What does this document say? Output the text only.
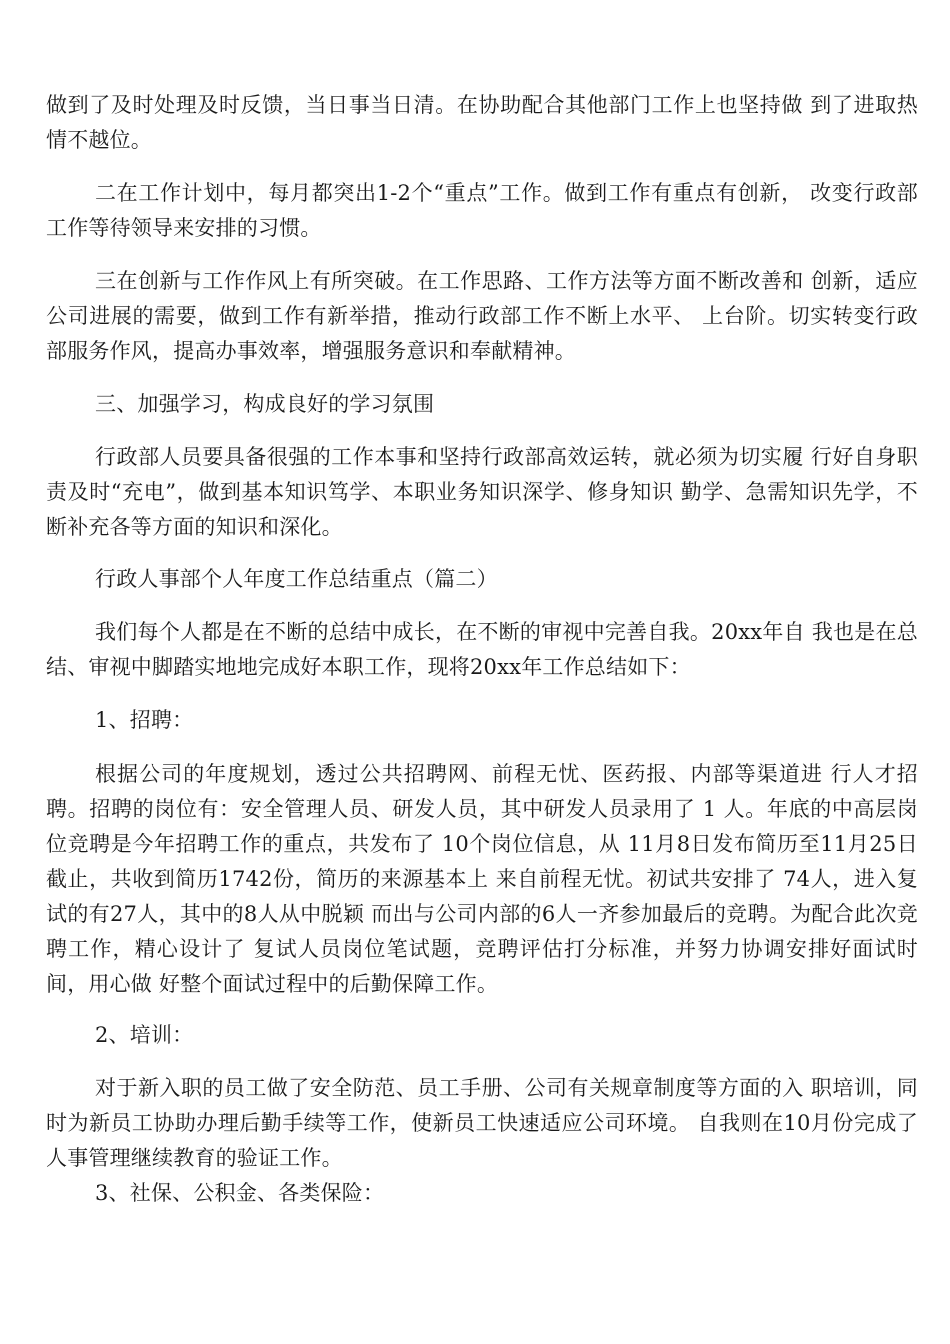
做到了及时处理及时反馈，当日事当日清。在协助配合其他部门工作上也坚持做 到了进取热情不越位。

二在工作计划中，每月都突出1-2个“重点”工作。做到工作有重点有创新， 改变行政部工作等待领导来安排的习惯。

三在创新与工作作风上有所突破。在工作思路、工作方法等方面不断改善和 创新，适应公司进展的需要，做到工作有新举措，推动行政部工作不断上水平、 上台阶。切实转变行政部服务作风，提高办事效率，增强服务意识和奉献精神。

三、加强学习，构成良好的学习氛围

行政部人员要具备很强的工作本事和坚持行政部高效运转，就必须为切实履 行好自身职责及时“充电”，做到基本知识笃学、本职业务知识深学、修身知识 勤学、急需知识先学，不断补充各等方面的知识和深化。

行政人事部个人年度工作总结重点（篇二）

我们每个人都是在不断的总结中成长，在不断的审视中完善自我。20xx年自 我也是在总结、审视中脚踏实地地完成好本职工作，现将20xx年工作总结如下：

1、招聘：

根据公司的年度规划，透过公共招聘网、前程无忧、医药报、内部等渠道进 行人才招聘。招聘的岗位有：安全管理人员、研发人员，其中研发人员录用了 1 人。年底的中高层岗位竞聘是今年招聘工作的重点，共发布了 10个岗位信息，从 11月8日发布简历至11月25日截止，共收到简历1742份，简历的来源基本上 来自前程无忧。初试共安排了 74人，进入复试的有27人，其中的8人从中脱颖 而出与公司内部的6人一齐参加最后的竞聘。为配合此次竞聘工作，精心设计了 复试人员岗位笔试题，竞聘评估打分标准，并努力协调安排好面试时间，用心做 好整个面试过程中的后勤保障工作。

2、培训：

对于新入职的员工做了安全防范、员工手册、公司有关规章制度等方面的入 职培训，同时为新员工协助办理后勤手续等工作，使新员工快速适应公司环境。 自我则在10月份完成了人事管理继续教育的验证工作。

3、社保、公积金、各类保险：
